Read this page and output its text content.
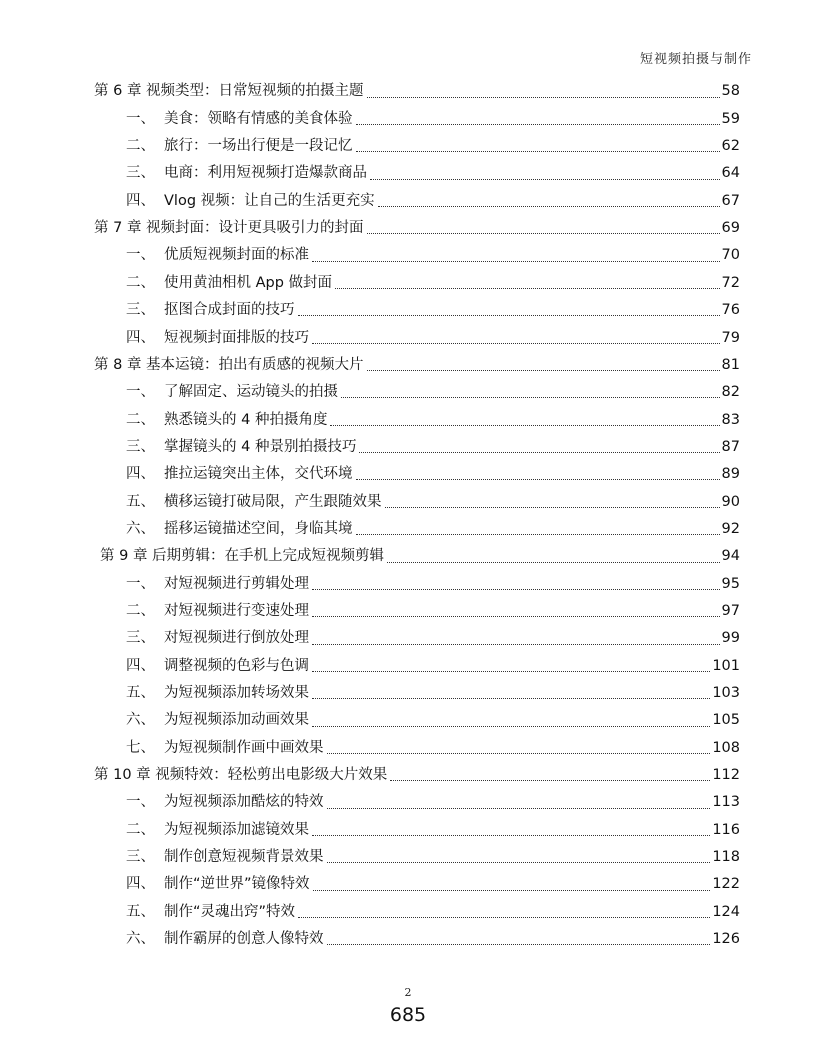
短视频拍摄与制作
第 6 章 视频类型：日常短视频的拍摄主题	58
一、 美食：领略有情感的美食体验	59
二、 旅行：一场出行便是一段记忆	62
三、 电商：利用短视频打造爆款商品	64
四、 Vlog 视频：让自己的生活更充实	67
第 7 章 视频封面：设计更具吸引力的封面	69
一、 优质短视频封面的标准	70
二、 使用黄油相机 App 做封面	72
三、 抠图合成封面的技巧	76
四、 短视频封面排版的技巧	79
第 8 章 基本运镜：拍出有质感的视频大片	81
一、 了解固定、运动镜头的拍摄	82
二、 熟悉镜头的 4 种拍摄角度	83
三、 掌握镜头的 4 种景别拍摄技巧	87
四、 推拉运镜突出主体，交代环境	89
五、 横移运镜打破局限，产生跟随效果	90
六、 摇移运镜描述空间，身临其境	92
第 9 章 后期剪辑：在手机上完成短视频剪辑	94
一、 对短视频进行剪辑处理	95
二、 对短视频进行变速处理	97
三、 对短视频进行倒放处理	99
四、 调整视频的色彩与色调	101
五、 为短视频添加转场效果	103
六、 为短视频添加动画效果	105
七、 为短视频制作画中画效果	108
第 10 章 视频特效：轻松剪出电影级大片效果	112
一、 为短视频添加酷炫的特效	113
二、 为短视频添加滤镜效果	116
三、 制作创意短视频背景效果	118
四、 制作“逆世界”镜像特效	122
五、 制作“灵魂出窍”特效	124
六、 制作霸屏的创意人像特效	126
2
685
